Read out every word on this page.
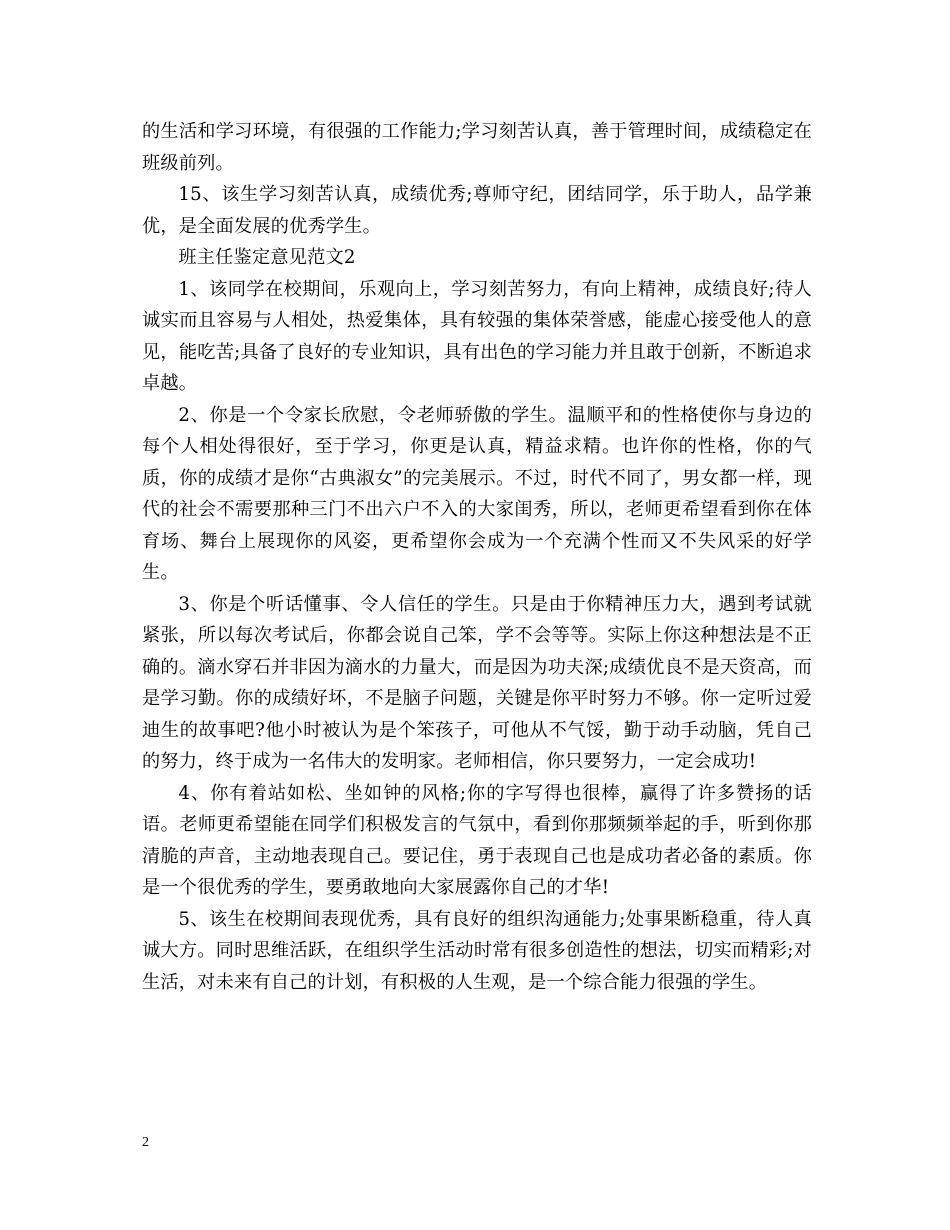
的生活和学习环境，有很强的工作能力;学习刻苦认真，善于管理时间，成绩稳定在班级前列。

15、该生学习刻苦认真，成绩优秀;尊师守纪，团结同学，乐于助人，品学兼优，是全面发展的优秀学生。

班主任鉴定意见范文2

1、该同学在校期间，乐观向上，学习刻苦努力，有向上精神，成绩良好;待人诚实而且容易与人相处，热爱集体，具有较强的集体荣誉感，能虚心接受他人的意见，能吃苦;具备了良好的专业知识，具有出色的学习能力并且敢于创新，不断追求卓越。

2、你是一个令家长欣慰，令老师骄傲的学生。温顺平和的性格使你与身边的每个人相处得很好，至于学习，你更是认真，精益求精。也许你的性格，你的气质，你的成绩才是你“古典淑女”的完美展示。不过，时代不同了，男女都一样，现代的社会不需要那种三门不出六户不入的大家闺秀，所以，老师更希望看到你在体育场、舞台上展现你的风姿，更希望你会成为一个充满个性而又不失风采的好学生。

3、你是个听话懂事、令人信任的学生。只是由于你精神压力大，遇到考试就紧张，所以每次考试后，你都会说自己笨，学不会等等。实际上你这种想法是不正确的。滴水穿石并非因为滴水的力量大，而是因为功夫深;成绩优良不是天资高，而是学习勤。你的成绩好坏，不是脑子问题，关键是你平时努力不够。你一定听过爱迪生的故事吧?他小时被认为是个笨孩子，可他从不气馁，勤于动手动脑，凭自己的努力，终于成为一名伟大的发明家。老师相信，你只要努力，一定会成功!

4、你有着站如松、坐如钟的风格;你的字写得也很棒，赢得了许多赞扬的话语。老师更希望能在同学们积极发言的气氛中，看到你那频频举起的手，听到你那清脆的声音，主动地表现自己。要记住，勇于表现自己也是成功者必备的素质。你是一个很优秀的学生，要勇敢地向大家展露你自己的才华!

5、该生在校期间表现优秀，具有良好的组织沟通能力;处事果断稳重，待人真诚大方。同时思维活跃，在组织学生活动时常有很多创造性的想法，切实而精彩;对生活，对未来有自己的计划，有积极的人生观，是一个综合能力很强的学生。

2
